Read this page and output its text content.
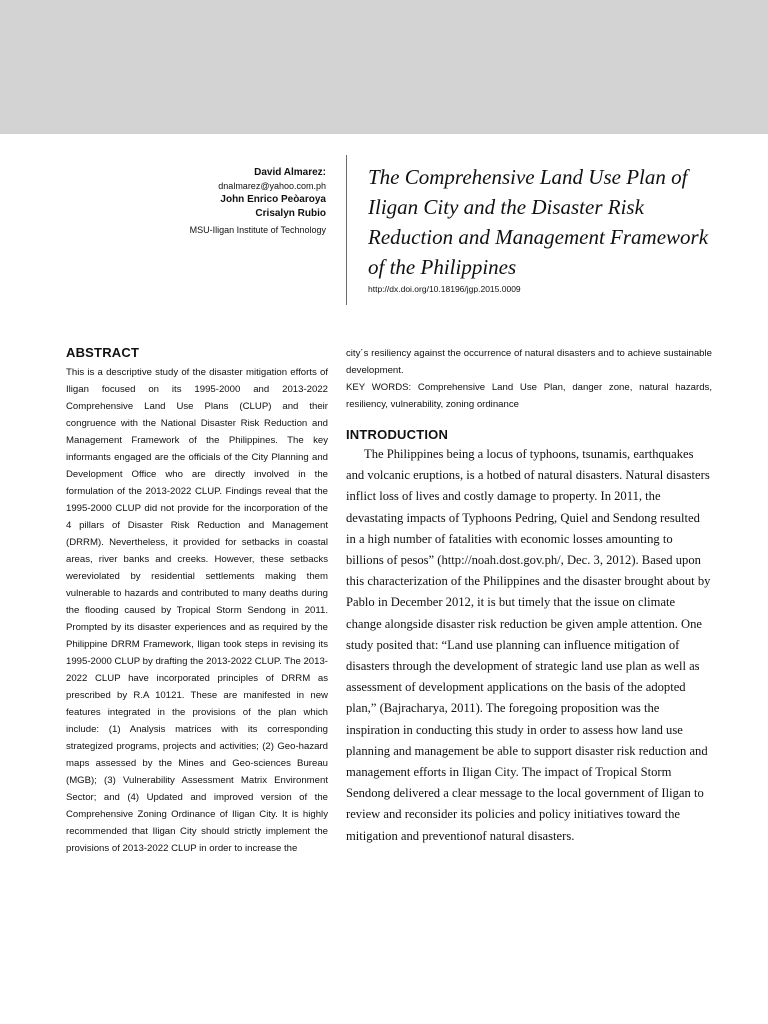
David Almarez:
dnalmarez@yahoo.com.ph
John Enrico Peòaroya
Crisalyn Rubio
MSU-Iligan Institute of Technology
The Comprehensive Land Use Plan of Iligan City and the Disaster Risk Reduction and Management Framework of the Philippines
http://dx.doi.org/10.18196/jgp.2015.0009
ABSTRACT

This is a descriptive study of the disaster mitigation efforts of Iligan focused on its 1995-2000 and 2013-2022 Comprehensive Land Use Plans (CLUP) and their congruence with the National Disaster Risk Reduction and Management Framework of the Philippines. The key informants engaged are the officials of the City Planning and Development Office who are directly involved in the formulation of the 2013-2022 CLUP. Findings reveal that the 1995-2000 CLUP did not provide for the incorporation of the 4 pillars of Disaster Risk Reduction and Management (DRRM). Nevertheless, it provided for setbacks in coastal areas, river banks and creeks. However, these setbacks wereviolated by residential settlements making them vulnerable to hazards and contributed to many deaths during the flooding caused by Tropical Storm Sendong in 2011. Prompted by its disaster experiences and as required by the Philippine DRRM Framework, Iligan took steps in revising its 1995-2000 CLUP by drafting the 2013-2022 CLUP. The 2013-2022 CLUP have incorporated principles of DRRM as prescribed by R.A 10121. These are manifested in new features integrated in the provisions of the plan which include: (1) Analysis matrices with its corresponding strategized programs, projects and activities; (2) Geo-hazard maps assessed by the Mines and Geo-sciences Bureau (MGB); (3) Vulnerability Assessment Matrix Environment Sector; and (4) Updated and improved version of the Comprehensive Zoning Ordinance of Iligan City. It is highly recommended that Iligan City should strictly implement the provisions of 2013-2022 CLUP in order to increase the

city´s resiliency against the occurrence of natural disasters and to achieve sustainable development.

KEY WORDS: Comprehensive Land Use Plan, danger zone, natural hazards, resiliency, vulnerability, zoning ordinance

INTRODUCTION

The Philippines being a locus of typhoons, tsunamis, earthquakes and volcanic eruptions, is a hotbed of natural disasters. Natural disasters inflict loss of lives and costly damage to property. In 2011, the devastating impacts of Typhoons Pedring, Quiel and Sendong resulted in a high number of fatalities with economic losses amounting to billions of pesos” (http://noah.dost.gov.ph/, Dec. 3, 2012). Based upon this characterization of the Philippines and the disaster brought about by Pablo in December 2012, it is but timely that the issue on climate change alongside disaster risk reduction be given ample attention. One study posited that: “Land use planning can influence mitigation of disasters through the development of strategic land use plan as well as assessment of development applications on the basis of the adopted plan,” (Bajracharya, 2011). The foregoing proposition was the inspiration in conducting this study in order to assess how land use planning and management be able to support disaster risk reduction and management efforts in Iligan City. The impact of Tropical Storm Sendong delivered a clear message to the local government of Iligan to review and reconsider its policies and policy initiatives toward the mitigation and preventionof natural disasters.
